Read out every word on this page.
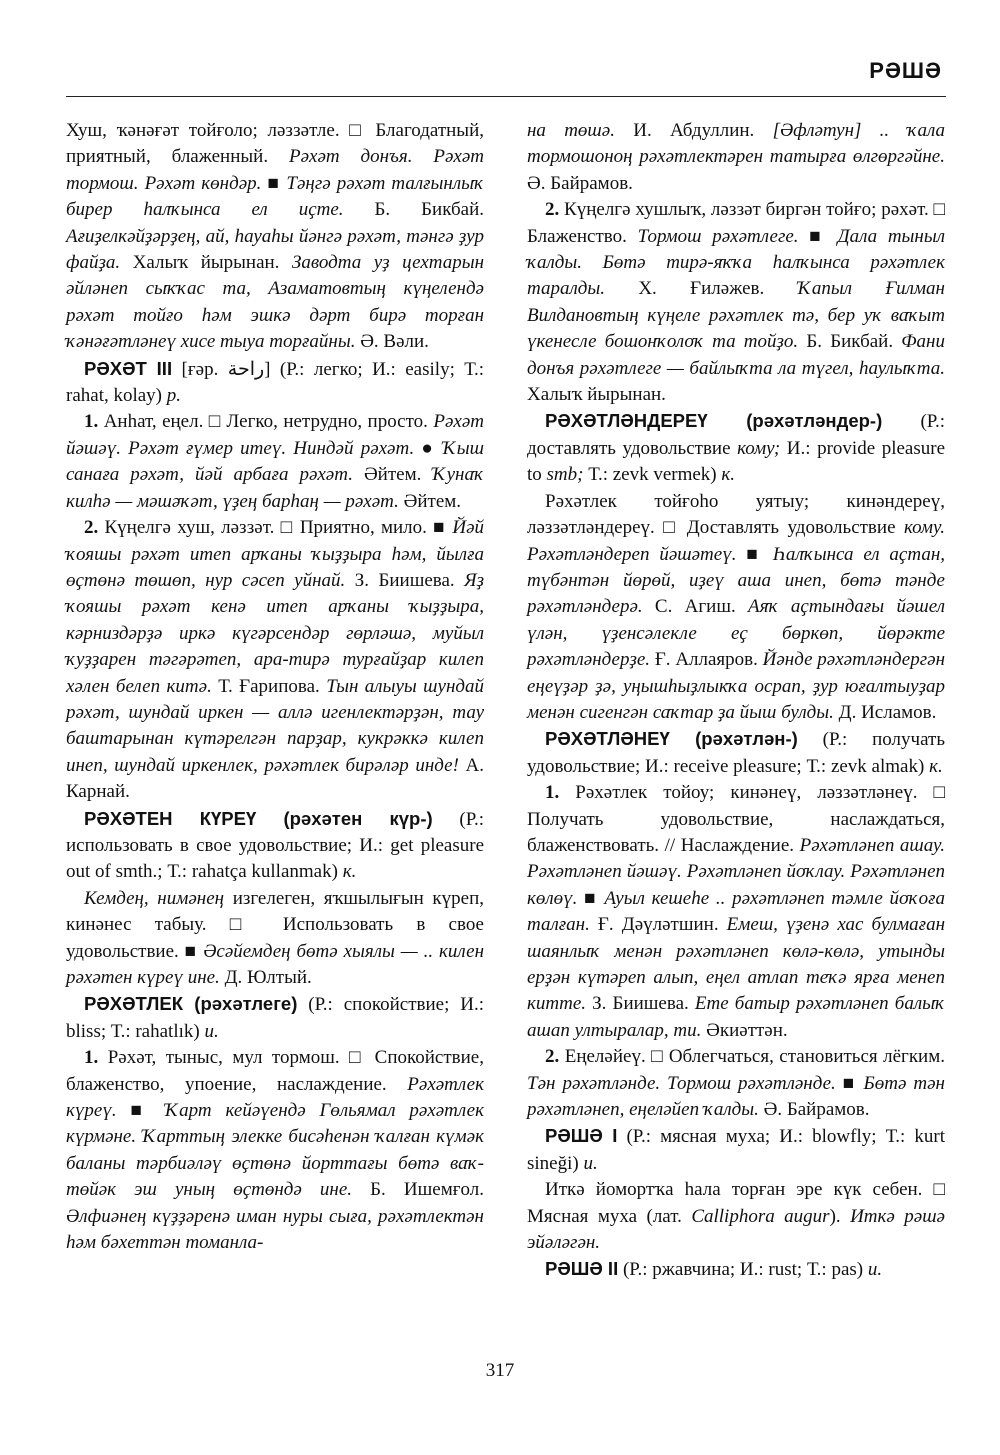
РӘШӘ

Хуш, ҡәнәғәт тойғоло; ләззәтле. □ Благодатный, приятный, блаженный. Рәхәт донъя. Рәхәт тормош. Рәхәт көндәр. ■ Тәңгә рәхәт талғынлыҡ бирер һалҡынса ел иҫте. Б. Бикбай. Ағиҙелкәйҙәрҙең, ай, һауаһы йәнгә рәхәт, тәнгә ҙур файҙа. Халыҡ йырынан. Заводта уҙ цехтарын әйләнеп сыҡҡас та, Азаматовтың күңелендә рәхәт тойғо һәм эшкә дәрт бирә торған ҡәнәғәтләнеү хисе тыуа торғайны. Ә. Вәли.

РӘХӘТ III [ғәр. راحة] (Р.: легко; И.: easily; Т.: rahat, kolay) р.

1. Анһат, еңел. □ Легко, нетрудно, просто. Рәхәт йәшәү. Рәхәт ғүмер итеү. Ниндәй рәхәт. ● Ҡыш санаға рәхәт, йәй арбаға рәхәт. Әйтем. Ҡунаҡ килһә — мәшәҡәт, үҙең барһаң — рәхәт. Әйтем.

2. Күңелгә хуш, ләззәт. □ Приятно, мило. ■ Йәй ҡояшы рәхәт итеп арҡаны ҡыҙҙыра һәм, йылға өҫтөнә төшөп, нур сәсеп уйнай. З. Биишева. Яҙ ҡояшы рәхәт кенә итеп арҡаны ҡыҙҙыра, кәрниздәрҙә иркә күгәрсендәр гөрләшә, муйыл ҡуҙҙарен тәгәрәтеп, ара-тирә турғайҙар килеп хәлен белеп китә. Т. Ғарипова. Тын алыуы шундай рәхәт, шундай иркен — аллә игенлектәрҙән, тау баштарынан күтәрелгән парҙар, кукрәккә килеп инеп, шундай иркенлек, рәхәтлек бирәләр инде! А. Карнай.

РӘХӘТЕН КҮРЕҮ (рәхәтен күр-) (Р.: использовать в свое удовольствие; И.: get pleasure out of smth.; Т.: rahatça kullanmak) к.

Кемдең, нимәнең изгелеген, яҡшылығын күреп, кинәнес табыу. □ Использовать в свое удовольствие. ■ Әсәйемдең бөтә хыялы — .. килен рәхәтен күреү ине. Д. Юлтый.

РӘХӘТЛЕК (рәхәтлеге) (Р.: спокойствие; И.: bliss; Т.: rahatlık) и.

1. Рәхәт, тыныс, мул тормош. □ Спокойствие, блаженство, упоение, наслаждение. Рәхәтлек күреү. ■ Ҡарт кейәүендә Гөльямал рәхәтлек күрмәне. Ҡарттың элекке бисәһенән ҡалған күмәк баланы тәрбиәләү өҫтөнә йорттағы бөтә ваҡ-төйәк эш уның өҫтөндә ине. Б. Ишемғол. Әлфиәнең күҙҙәренә иман нуры сыға, рәхәтлектән һәм бәхеттән томанла-

на төшә. И. Абдуллин. [Әфләтун] .. ҡала тормошоноң рәхәтлектәрен татырға өлгөргәйне. Ә. Байрамов.

2. Күңелгә хушлыҡ, ләззәт биргән тойғо; рәхәт. □ Блаженство. Тормош рәхәтлеге. ■ Дала тыныл ҡалды. Бөтә тирә-яҡҡа һалҡынса рәхәтлек таралды. Х. Ғиләжев. Ҡапыл Ғилман Вилдановтың күңеле рәхәтлек тә, бер уҡ ваҡыт үкенесле бошонҡолоҡ та тойҙо. Б. Бикбай. Фани донъя рәхәтлеге — байлыҡта ла түгел, һаулыҡта. Халыҡ йырынан.

РӘХӘТЛӘНДЕРЕҮ (рәхәтләндер-) (Р.: доставлять удовольствие кому; И.: provide pleasure to smb; Т.: zevk vermek) к.

Рәхәтлек тойғоһо уятыу; кинәндереү, ләззәтләндереү. □ Доставлять удовольствие кому. Рәхәтләндереп йәшәтеү. ■ Һалҡынса ел аҫтан, түбәнтән йөрөй, иҙеү аша инеп, бөтә тәнде рәхәтләндерә. С. Агиш. Аяҡ аҫтындағы йәшел үлән, үҙенсәлекле еҫ бөркөп, йөрәкте рәхәтләндерҙе. Ғ. Аллаяров. Йәнде рәхәтләндергән еңеүҙәр ҙә, уңышһыҙлыкҡа осрап, ҙур юғалтыуҙар менән сигенгән саҡтар ҙа йыш булды. Д. Исламов.

РӘХӘТЛӘНЕҮ (рәхәтлән-) (Р.: получать удовольствие; И.: receive pleasure; Т.: zevk almak) к.

1. Рәхәтлек тойоу; кинәнеү, ләззәтләнеү. □ Получать удовольствие, наслаждаться, блаженствовать. // Наслаждение. Рәхәтләнеп ашау. Рәхәтләнеп йәшәү. Рәхәтләнеп йоҡлау. Рәхәтләнеп көлөү. ■ Ауыл кешеһе .. рәхәтләнеп тәмле йоҡоға талған. Ғ. Дәүләтшин. Емеш, үҙенә хас булмаған шаянлыҡ менән рәхәтләнеп көлә-көлә, утынды ерҙән күтәреп алып, еңел атлап теҡә ярға менеп китте. З. Биишева. Ете батыр рәхәтләнеп балыҡ ашап ултыралар, ти. Әкиәттән.

2. Еңеләйеү. □ Облегчаться, становиться лёгким. Тән рәхәтләнде. Тормош рәхәтләнде. ■ Бөтә тән рәхәтләнеп, еңеләйеп ҡалды. Ә. Байрамов.

РӘШӘ I (Р.: мясная муха; И.: blowfly; Т.: kurt sineği) и.

Иткә йомортҡа һала торған эре күк себен. □ Мясная муха (лат. Calliphora augur). Иткә рәшә эйәләгән.

РӘШӘ II (Р.: ржавчина; И.: rust; Т.: pas) и.

317
